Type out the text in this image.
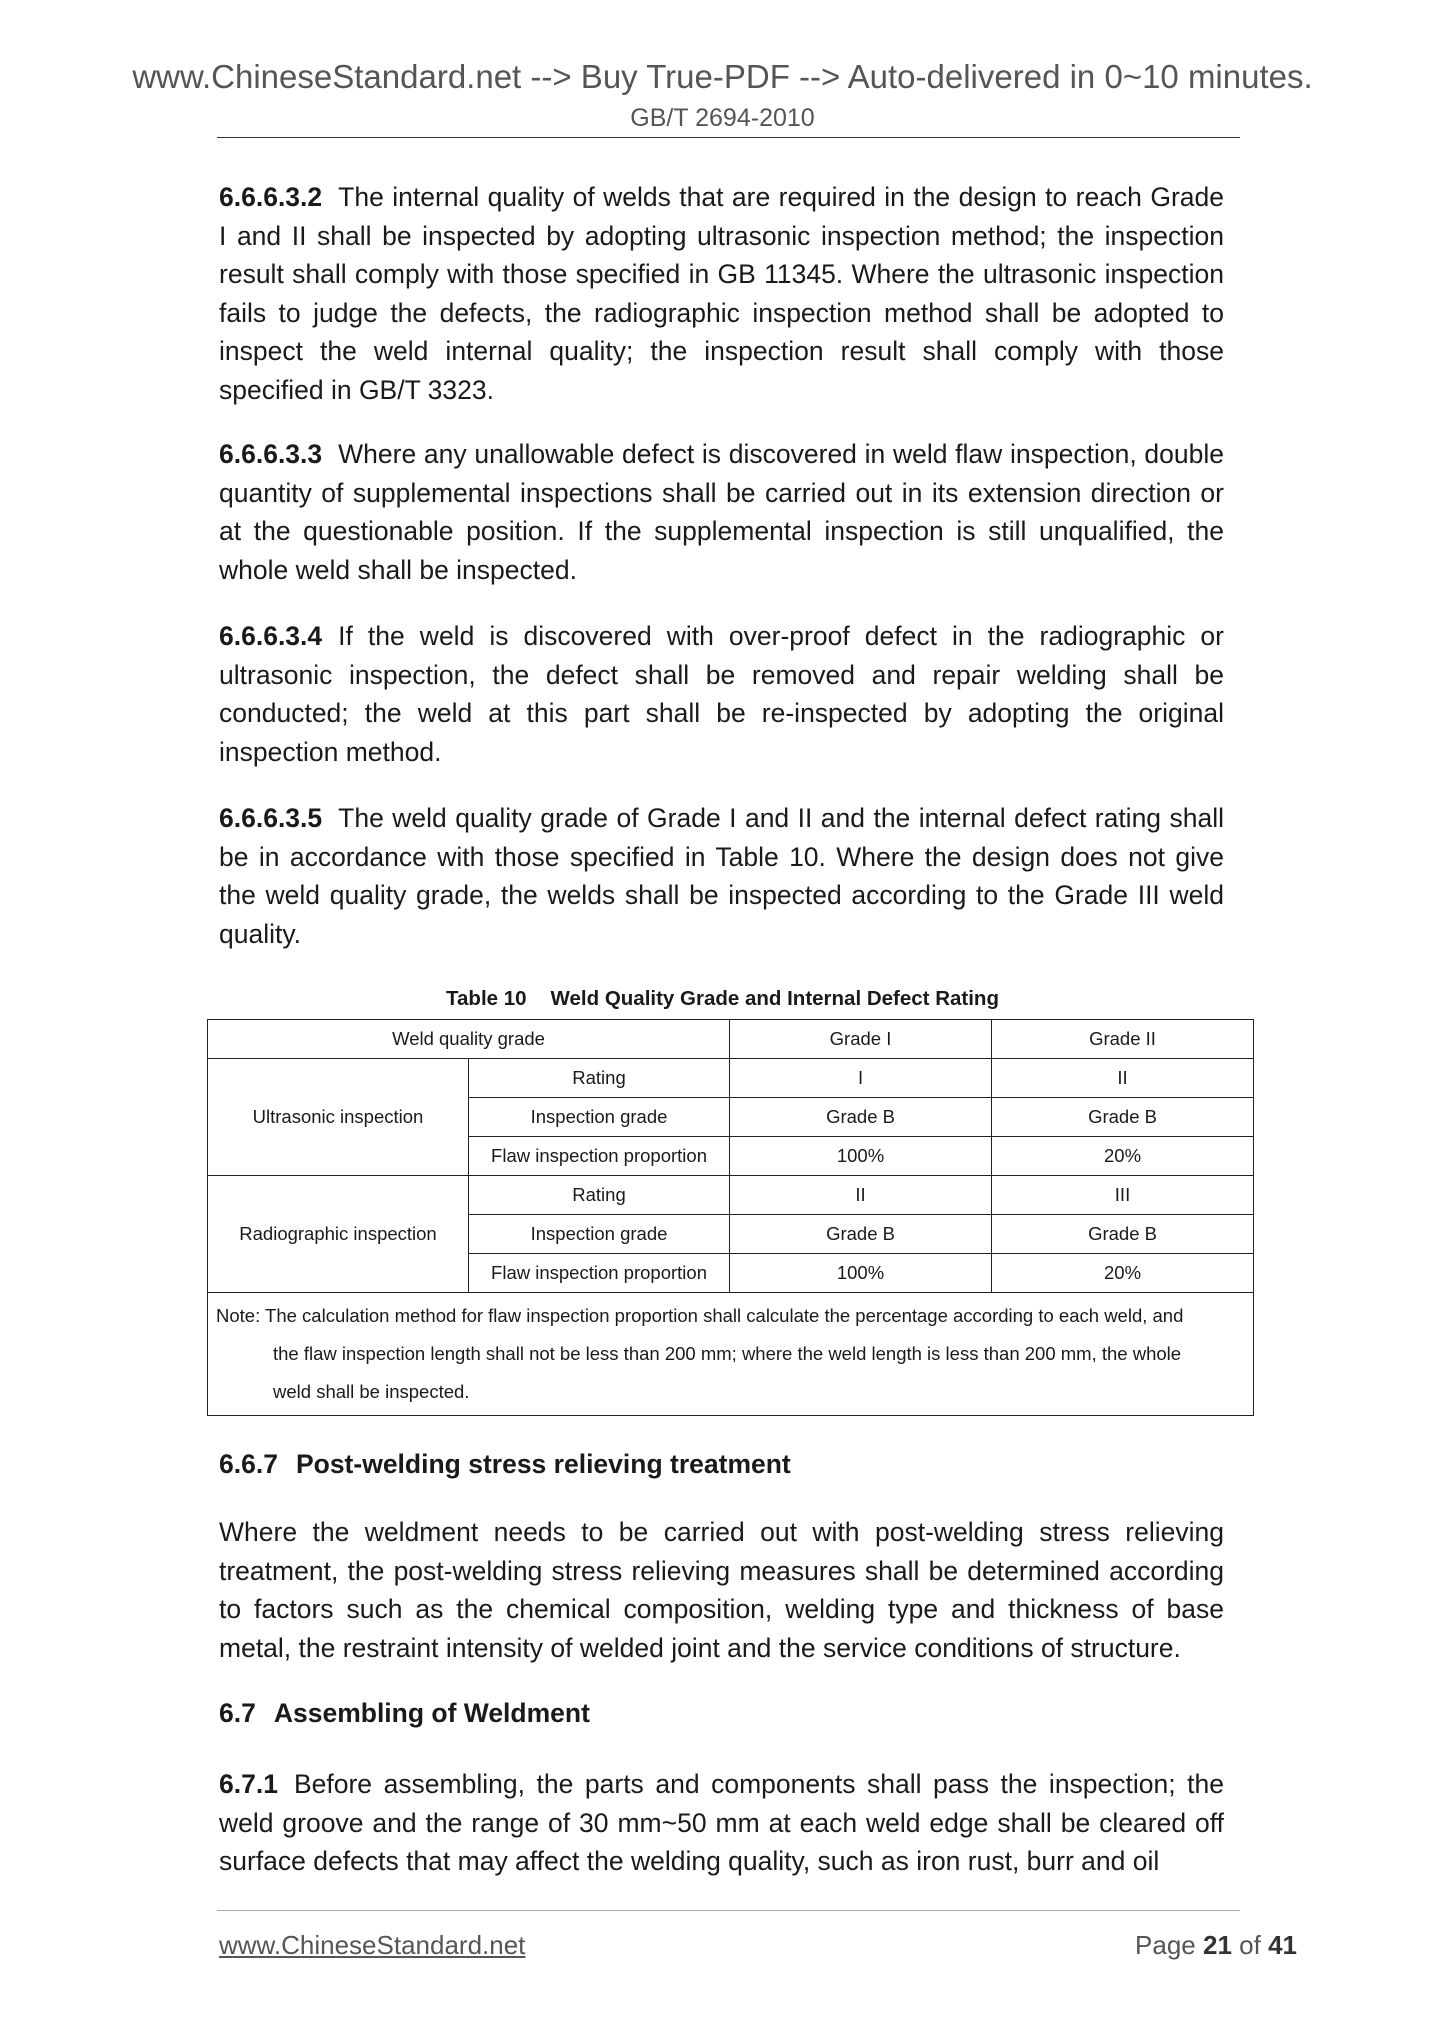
www.ChineseStandard.net --> Buy True-PDF --> Auto-delivered in 0~10 minutes.
GB/T 2694-2010

6.6.6.3.2 The internal quality of welds that are required in the design to reach Grade I and II shall be inspected by adopting ultrasonic inspection method; the inspection result shall comply with those specified in GB 11345. Where the ultrasonic inspection fails to judge the defects, the radiographic inspection method shall be adopted to inspect the weld internal quality; the inspection result shall comply with those specified in GB/T 3323.

6.6.6.3.3 Where any unallowable defect is discovered in weld flaw inspection, double quantity of supplemental inspections shall be carried out in its extension direction or at the questionable position. If the supplemental inspection is still unqualified, the whole weld shall be inspected.

6.6.6.3.4 If the weld is discovered with over-proof defect in the radiographic or ultrasonic inspection, the defect shall be removed and repair welding shall be conducted; the weld at this part shall be re-inspected by adopting the original inspection method.

6.6.6.3.5 The weld quality grade of Grade I and II and the internal defect rating shall be in accordance with those specified in Table 10. Where the design does not give the weld quality grade, the welds shall be inspected according to the Grade III weld quality.

Table 10 Weld Quality Grade and Internal Defect Rating
Weld quality grade		Grade I	Grade II
Ultrasonic inspection	Rating	I	II
	Inspection grade	Grade B	Grade B
	Flaw inspection proportion	100%	20%
Radiographic inspection	Rating	II	III
	Inspection grade	Grade B	Grade B
	Flaw inspection proportion	100%	20%
Note: The calculation method for flaw inspection proportion shall calculate the percentage according to each weld, and
the flaw inspection length shall not be less than 200 mm; where the weld length is less than 200 mm, the whole
weld shall be inspected.			
6.6.7 Post-welding stress relieving treatment

Where the weldment needs to be carried out with post-welding stress relieving treatment, the post-welding stress relieving measures shall be determined according to factors such as the chemical composition, welding type and thickness of base metal, the restraint intensity of welded joint and the service conditions of structure.

6.7 Assembling of Weldment

6.7.1 Before assembling, the parts and components shall pass the inspection; the weld groove and the range of 30 mm~50 mm at each weld edge shall be cleared off surface defects that may affect the welding quality, such as iron rust, burr and oil

www.ChineseStandard.net	Page 21 of 41
